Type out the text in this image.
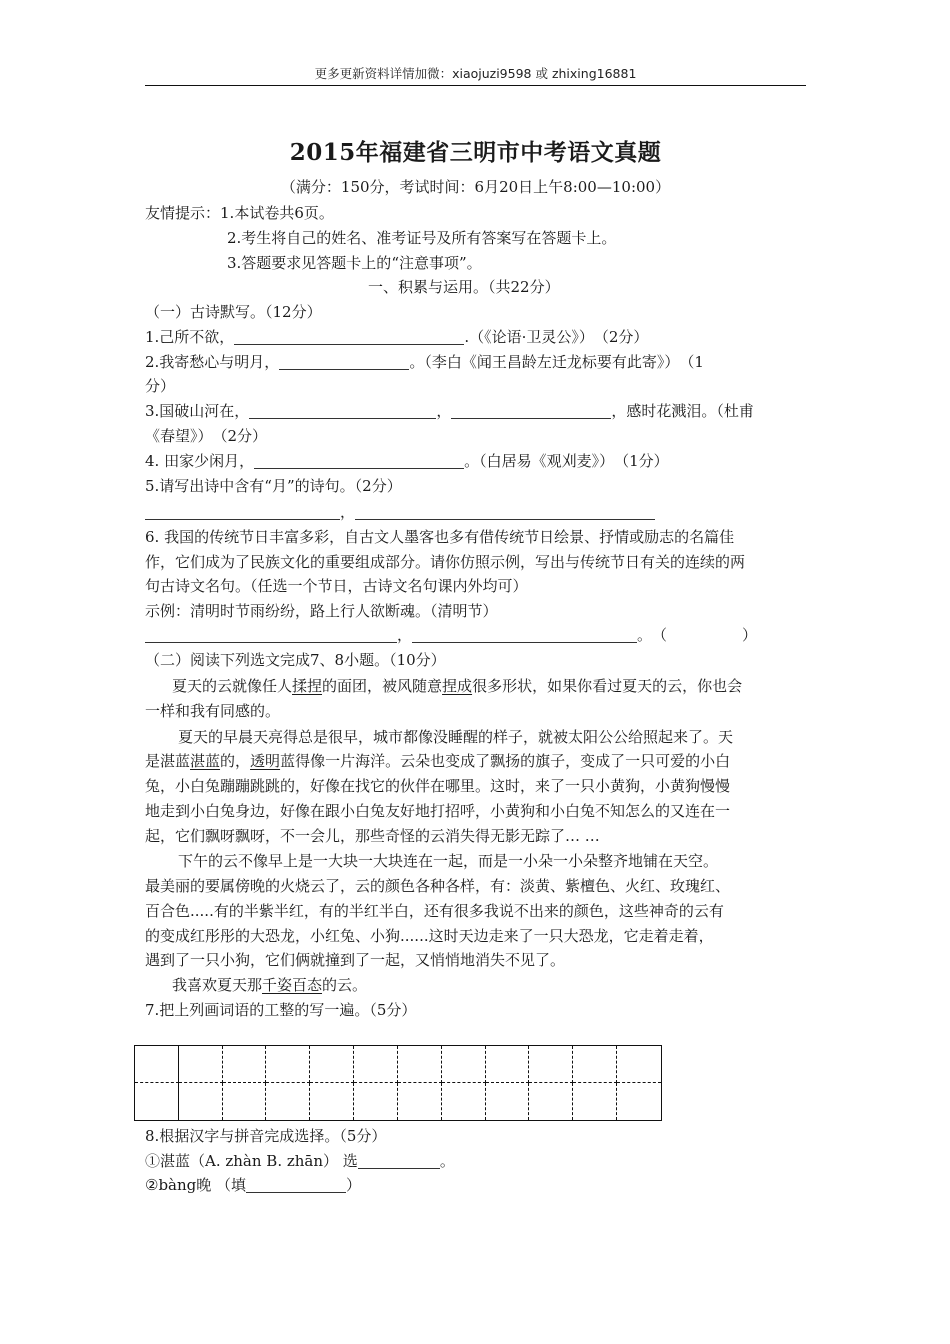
更多更新资料详情加微：xiaojuzi9598 或 zhixing16881
2015年福建省三明市中考语文真题
（满分：150分，考试时间：6月20日上午8:00—10:00）
友情提示：1.本试卷共6页。
2.考生将自己的姓名、准考证号及所有答案写在答题卡上。
3.答题要求见答题卡上的“注意事项”。
一、积累与运用。（共22分）
（一）古诗默写。（12分）
1.己所不欲，	.（《论语·卫灵公》）　（2分）
2.我寄愁心与明月，	。（李白《闻王昌龄左迁龙标要有此寄》）　（1
分）
3.国破山河在，	，	，感时花溅泪。（杜甫
《春望》）　（2分）
4. 田家少闲月，	。（白居易《观刈麦》）　（1分）
5.请写出诗中含有“月”的诗句。（2分）
，
6. 我国的传统节日丰富多彩，自古文人墨客也多有借传统节日绘景、抒情或励志的名篇佳
作，它们成为了民族文化的重要组成部分。请你仿照示例，写出与传统节日有关的连续的两
句古诗文名句。（任选一个节日，古诗文名句课内外均可）
示例：清明时节雨纷纷，路上行人欲断魂。（清明节）
，	。　（　　　　　）
（二）阅读下列选文完成7、8小题。（10分）
夏天的云就像任人揉捏的面团，被风随意捏成很多形状，如果你看过夏天的云，你也会
一样和我有同感的。
夏天的早晨天亮得总是很早，城市都像没睡醒的样子，就被太阳公公给照起来了。天
是湛蓝湛蓝的，透明蓝得像一片海洋。云朵也变成了飘扬的旗子，变成了一只可爱的小白
兔，小白兔蹦蹦跳跳的，好像在找它的伙伴在哪里。这时，来了一只小黄狗，小黄狗慢慢
地走到小白兔身边，好像在跟小白兔友好地打招呼，小黄狗和小白兔不知怎么的又连在一
起，它们飘呀飘呀，不一会儿，那些奇怪的云消失得无影无踪了… …
下午的云不像早上是一大块一大块连在一起，而是一小朵一小朵整齐地铺在天空。
最美丽的要属傍晚的火烧云了，云的颜色各种各样，有：淡黄、紫檀色、火红、玫瑰红、
百合色.....有的半紫半红，有的半红半白，还有很多我说不出来的颜色，这些神奇的云有
的变成红彤彤的大恐龙，小红兔、小狗......这时天边走来了一只大恐龙，它走着走着，
遇到了一只小狗，它们俩就撞到了一起，又悄悄地消失不见了。
我喜欢夏天那千姿百态的云。
7.把上列画词语的工整的写一遍。（5分）
8.根据汉字与拼音完成选择。（5分）
①湛蓝（A. zhàn B. zhān） 选	。
②bàng晚 （填	）
